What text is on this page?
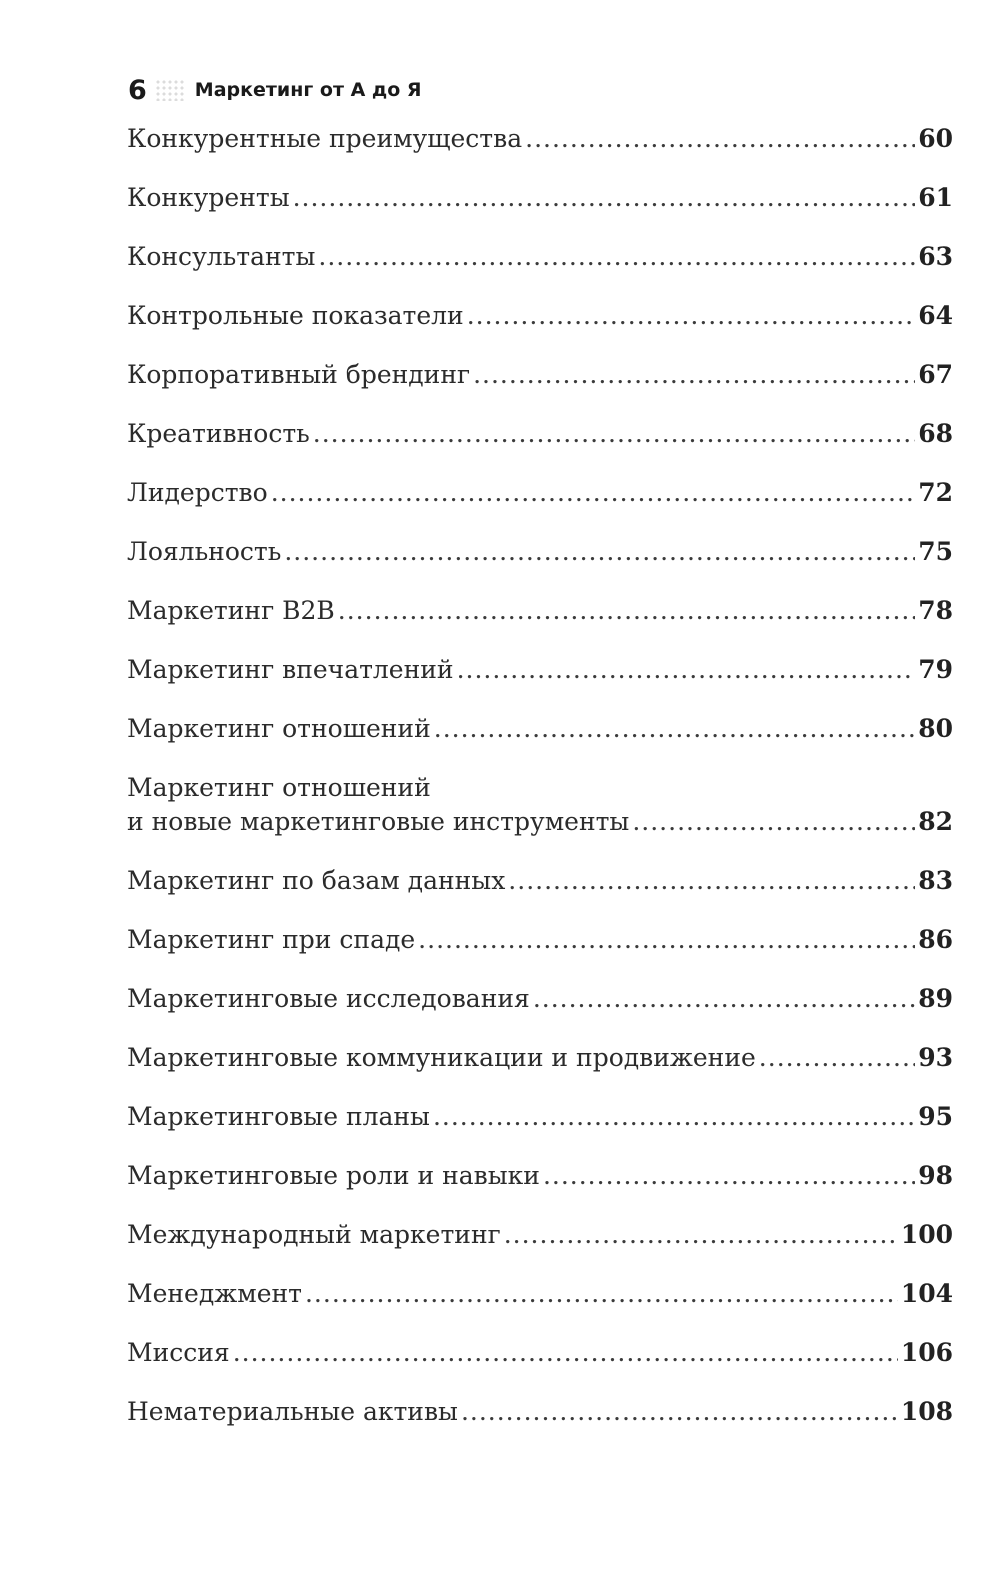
6	Маркетинг от А до Я
Конкурентные преимущества .....	60
Конкуренты .....	61
Консультанты .....	63
Контрольные показатели .....	64
Корпоративный брендинг .....	67
Креативность .....	68
Лидерство .....	72
Лояльность .....	75
Маркетинг В2В .....	78
Маркетинг впечатлений .....	79
Маркетинг отношений .....	80
Маркетинг отношений
и новые маркетинговые инструменты .....	82
Маркетинг по базам данных .....	83
Маркетинг при спаде .....	86
Маркетинговые исследования .....	89
Маркетинговые коммуникации и продвижение .....	93
Маркетинговые планы .....	95
Маркетинговые роли и навыки .....	98
Международный маркетинг .....	100
Менеджмент .....	104
Миссия .....	106
Нематериальные активы .....	108
